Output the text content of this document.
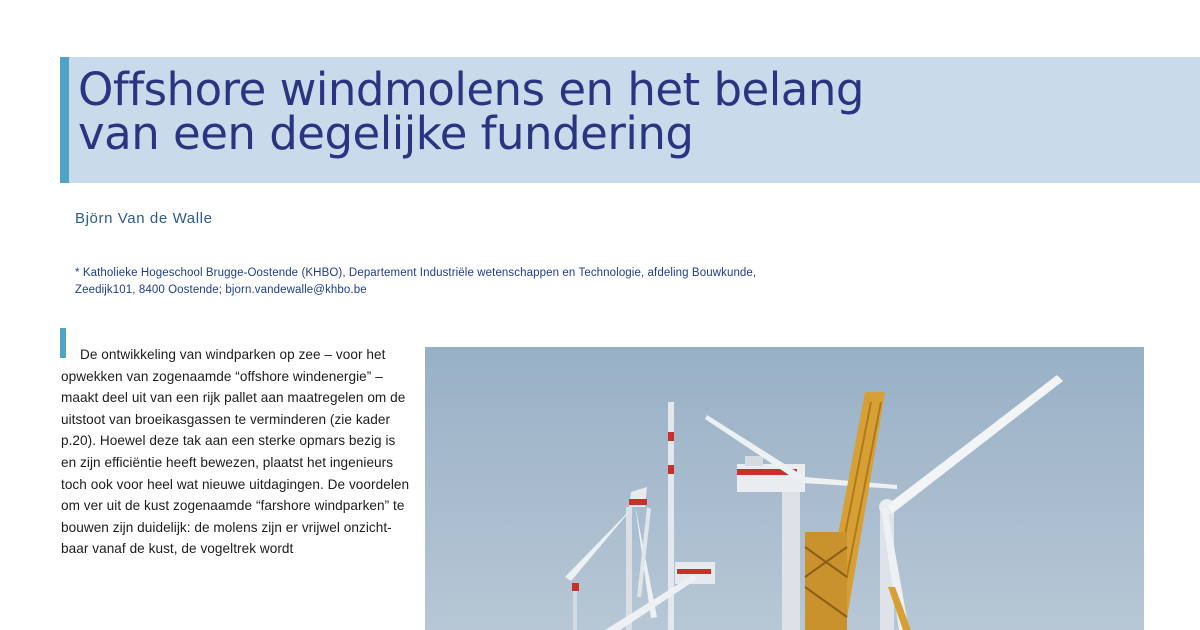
Offshore windmolens en het belang
van een degelijke fundering
Björn Van de Walle
* Katholieke Hogeschool Brugge-Oostende (KHBO), Departement Industriële wetenschappen en Technologie, afdeling Bouwkunde,
Zeedijk101, 8400 Oostende; bjorn.vandewalle@khbo.be

De ontwikkeling van windparken op zee – voor het opwekken van zogenaamde “offshore windenergie” – maakt deel uit van een rijk pallet aan maatregelen om de uitstoot van broeikasgassen te verminderen (zie kader p.20). Hoewel deze tak aan een sterke opmars bezig is en zijn efficiëntie heeft bewezen, plaatst het ingenieurs toch ook voor heel wat nieuwe uitdagingen. De voordelen om ver uit de kust zogenaamde “farshore windparken” te bouwen zijn duidelijk: de molens zijn er vrijwel onzicht-baar vanaf de kust, de vogeltrek wordt
